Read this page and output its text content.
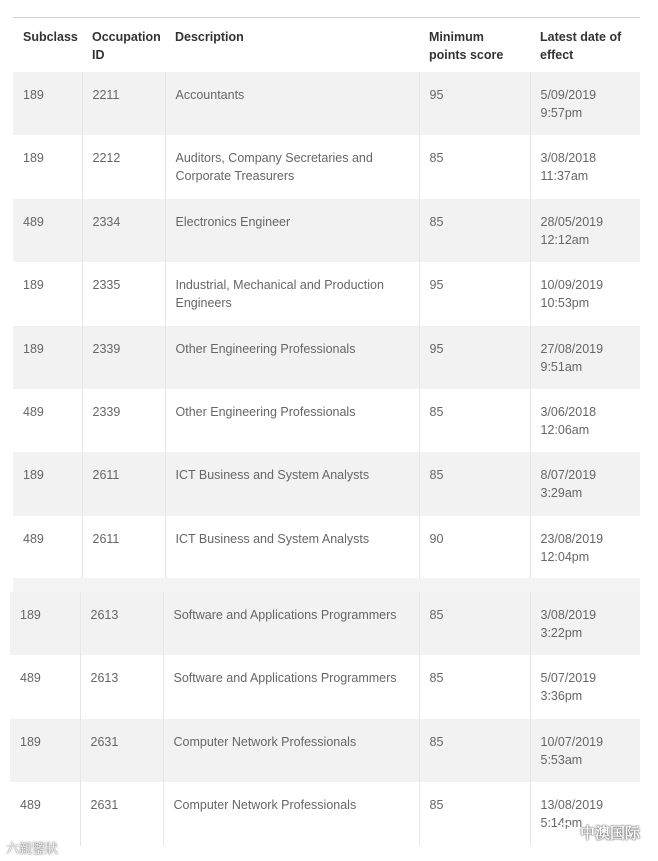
Subclass	Occupation ID	Description	Minimum points score	Latest date of effect
189	2211	Accountants	95	5/09/2019
9:57pm

189	2212	Auditors, Company Secretaries and Corporate Treasurers	85	3/08/2018
11:37am

489	2334	Electronics Engineer	85	28/05/2019
12:12am

189	2335	Industrial, Mechanical and Production Engineers	95	10/09/2019
10:53pm

189	2339	Other Engineering Professionals	95	27/08/2019
9:51am

489	2339	Other Engineering Professionals	85	3/06/2018
12:06am

189	2611	ICT Business and System Analysts	85	8/07/2019
3:29am

489	2611	ICT Business and System Analysts	90	23/08/2019
12:04pm
189	2613	Software and Applications Programmers	85	3/08/2019
3:22pm

489	2613	Software and Applications Programmers	85	5/07/2019
3:36pm

189	2631	Computer Network Professionals	85	10/07/2019
5:53am

489	2631	Computer Network Professionals	85	13/08/2019
5:14pm
六親鑒狀
中澳国际
